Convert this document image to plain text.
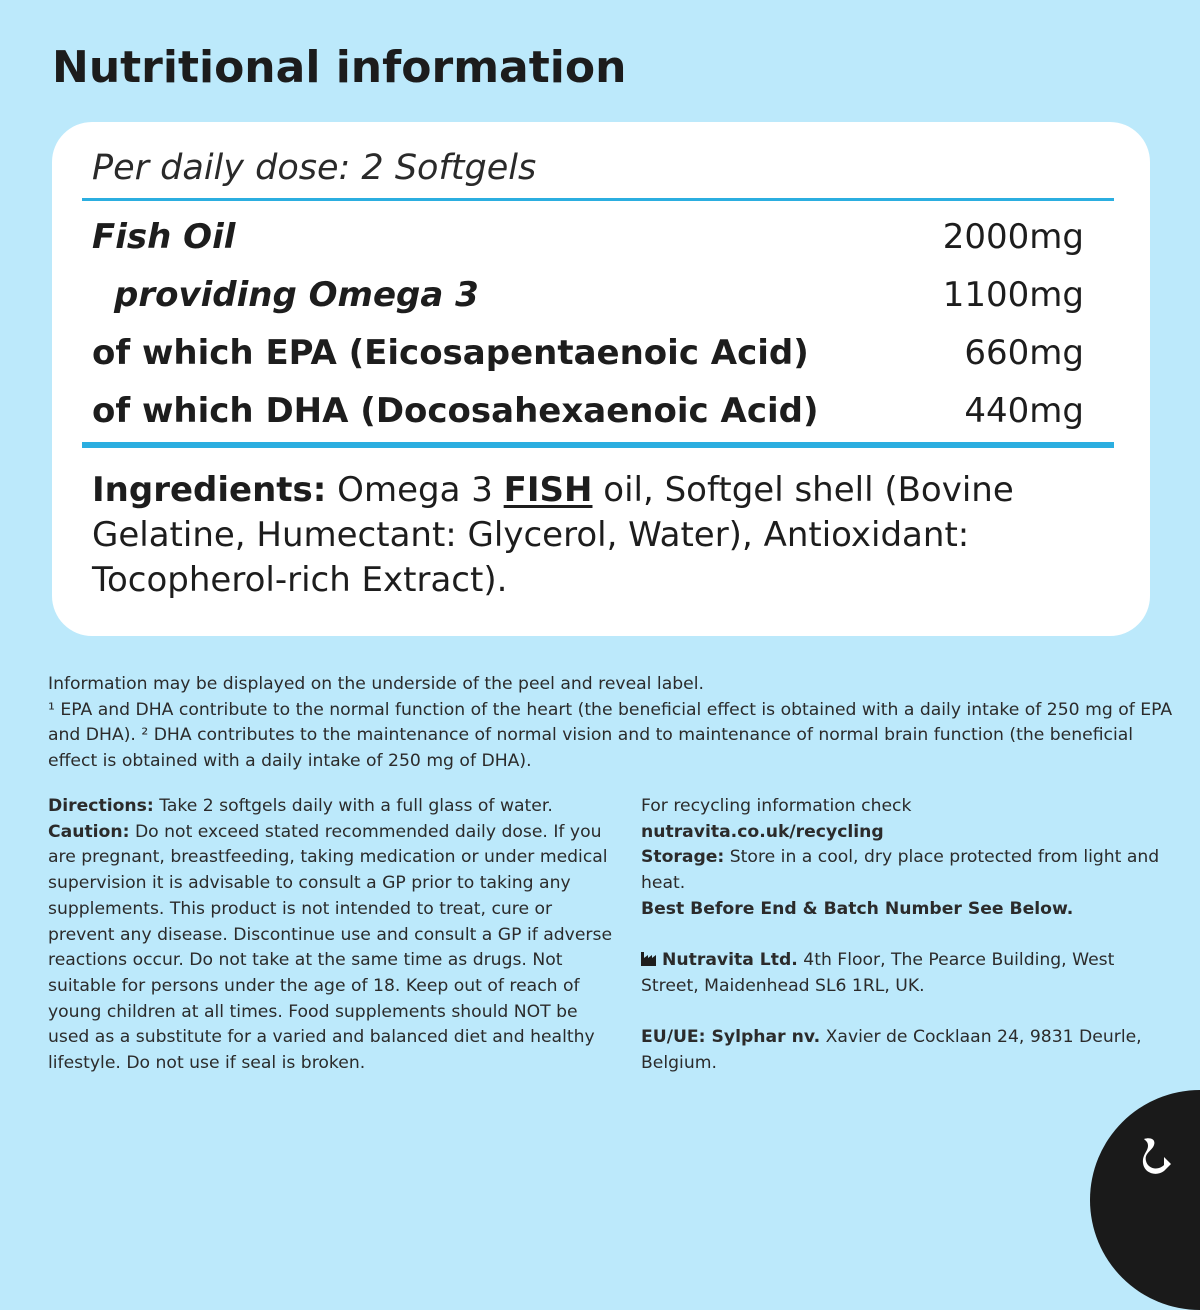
Nutritional information
Per daily dose: 2 Softgels
Fish Oil	2000mg
providing Omega 3	1100mg
of which EPA (Eicosapentaenoic Acid)	660mg
of which DHA (Docosahexaenoic Acid)	440mg
Ingredients: Omega 3 FISH oil, Softgel shell (Bovine Gelatine, Humectant: Glycerol, Water), Antioxidant: Tocopherol-rich Extract).

Information may be displayed on the underside of the peel and reveal label.

¹ EPA and DHA contribute to the normal function of the heart (the beneficial effect is obtained with a daily intake of 250 mg of EPA and DHA). ² DHA contributes to the maintenance of normal vision and to maintenance of normal brain function (the beneficial effect is obtained with a daily intake of 250 mg of DHA).

Directions: Take 2 softgels daily with a full glass of water.

Caution: Do not exceed stated recommended daily dose. If you are pregnant, breastfeeding, taking medication or under medical supervision it is advisable to consult a GP prior to taking any supplements. This product is not intended to treat, cure or prevent any disease. Discontinue use and consult a GP if adverse reactions occur. Do not take at the same time as drugs. Not suitable for persons under the age of 18. Keep out of reach of young children at all times. Food supplements should NOT be used as a substitute for a varied and balanced diet and healthy lifestyle. Do not use if seal is broken.

For recycling information check

nutravita.co.uk/recycling

Storage: Store in a cool, dry place protected from light and heat.

Best Before End & Batch Number See Below.

Nutravita Ltd. 4th Floor, The Pearce Building, West Street, Maidenhead SL6 1RL, UK.

EU/UE: Sylphar nv. Xavier de Cocklaan 24, 9831 Deurle, Belgium.
